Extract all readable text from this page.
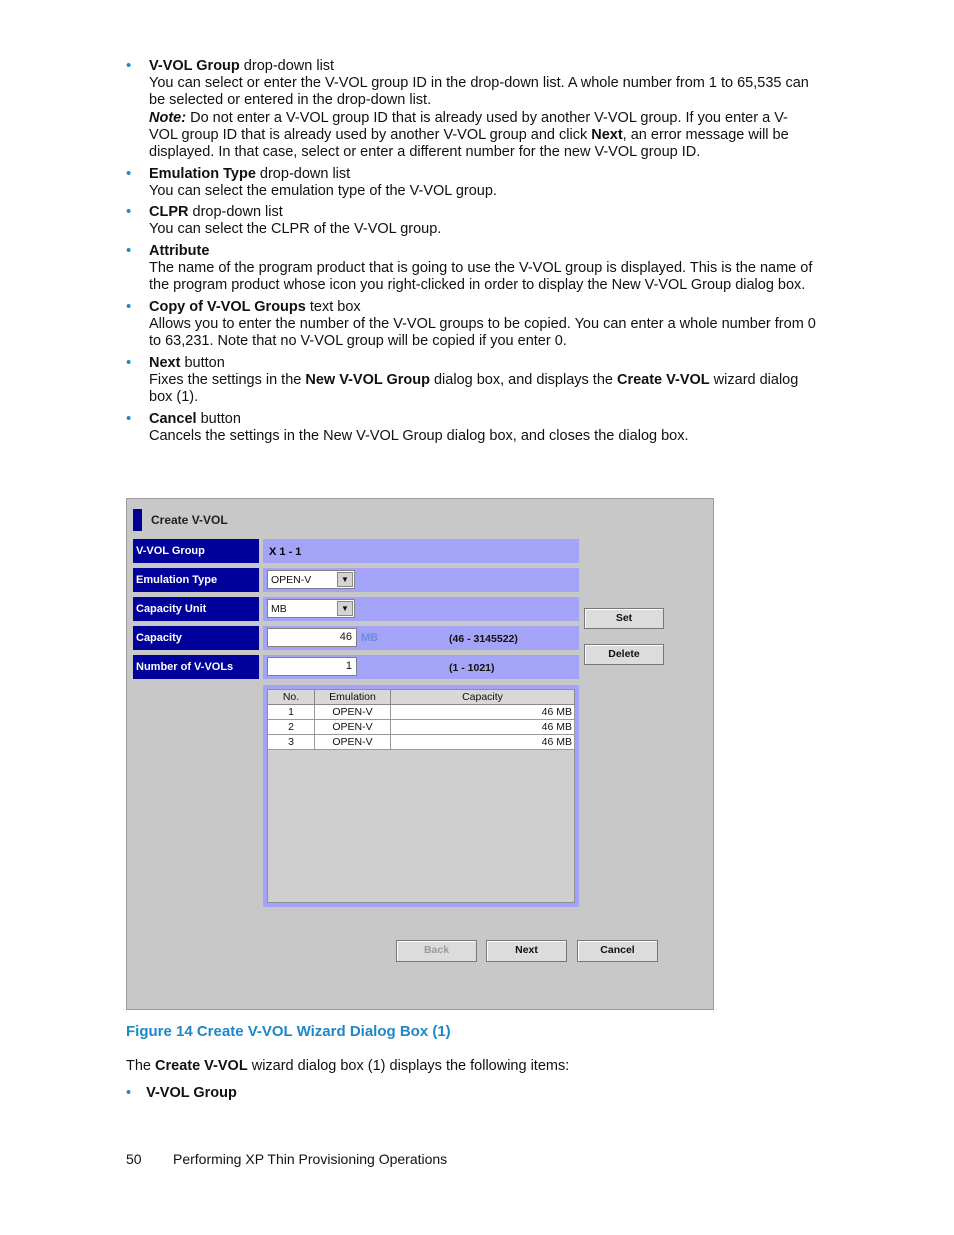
• V-VOL Group drop-down list
You can select or enter the V-VOL group ID in the drop-down list. A whole number from 1 to 65,535 can be selected or entered in the drop-down list.
Note: Do not enter a V-VOL group ID that is already used by another V-VOL group. If you enter a V-VOL group ID that is already used by another V-VOL group and click Next, an error message will be displayed. In that case, select or enter a different number for the new V-VOL group ID.
• Emulation Type drop-down list
You can select the emulation type of the V-VOL group.
• CLPR drop-down list
You can select the CLPR of the V-VOL group.
• Attribute
The name of the program product that is going to use the V-VOL group is displayed. This is the name of the program product whose icon you right-clicked in order to display the New V-VOL Group dialog box.
• Copy of V-VOL Groups text box
Allows you to enter the number of the V-VOL groups to be copied. You can enter a whole number from 0 to 63,231. Note that no V-VOL group will be copied if you enter 0.
• Next button
Fixes the settings in the New V-VOL Group dialog box, and displays the Create V-VOL wizard dialog box (1).
• Cancel button
Cancels the settings in the New V-VOL Group dialog box, and closes the dialog box.
Create V-VOL
V-VOL Group	X 1 - 1
Emulation Type	OPEN-V	▼
Capacity Unit	MB	▼
Capacity	46 MB	(46 - 3145522)
Number of V-VOLs	1	(1 - 1021)
Set
Delete
No.	Emulation	Capacity
1	OPEN-V	46 MB
2	OPEN-V	46 MB
3	OPEN-V	46 MB
Back	Next	Cancel
Figure 14 Create V-VOL Wizard Dialog Box (1)
The Create V-VOL wizard dialog box (1) displays the following items:
• V-VOL Group
50 Performing XP Thin Provisioning Operations
